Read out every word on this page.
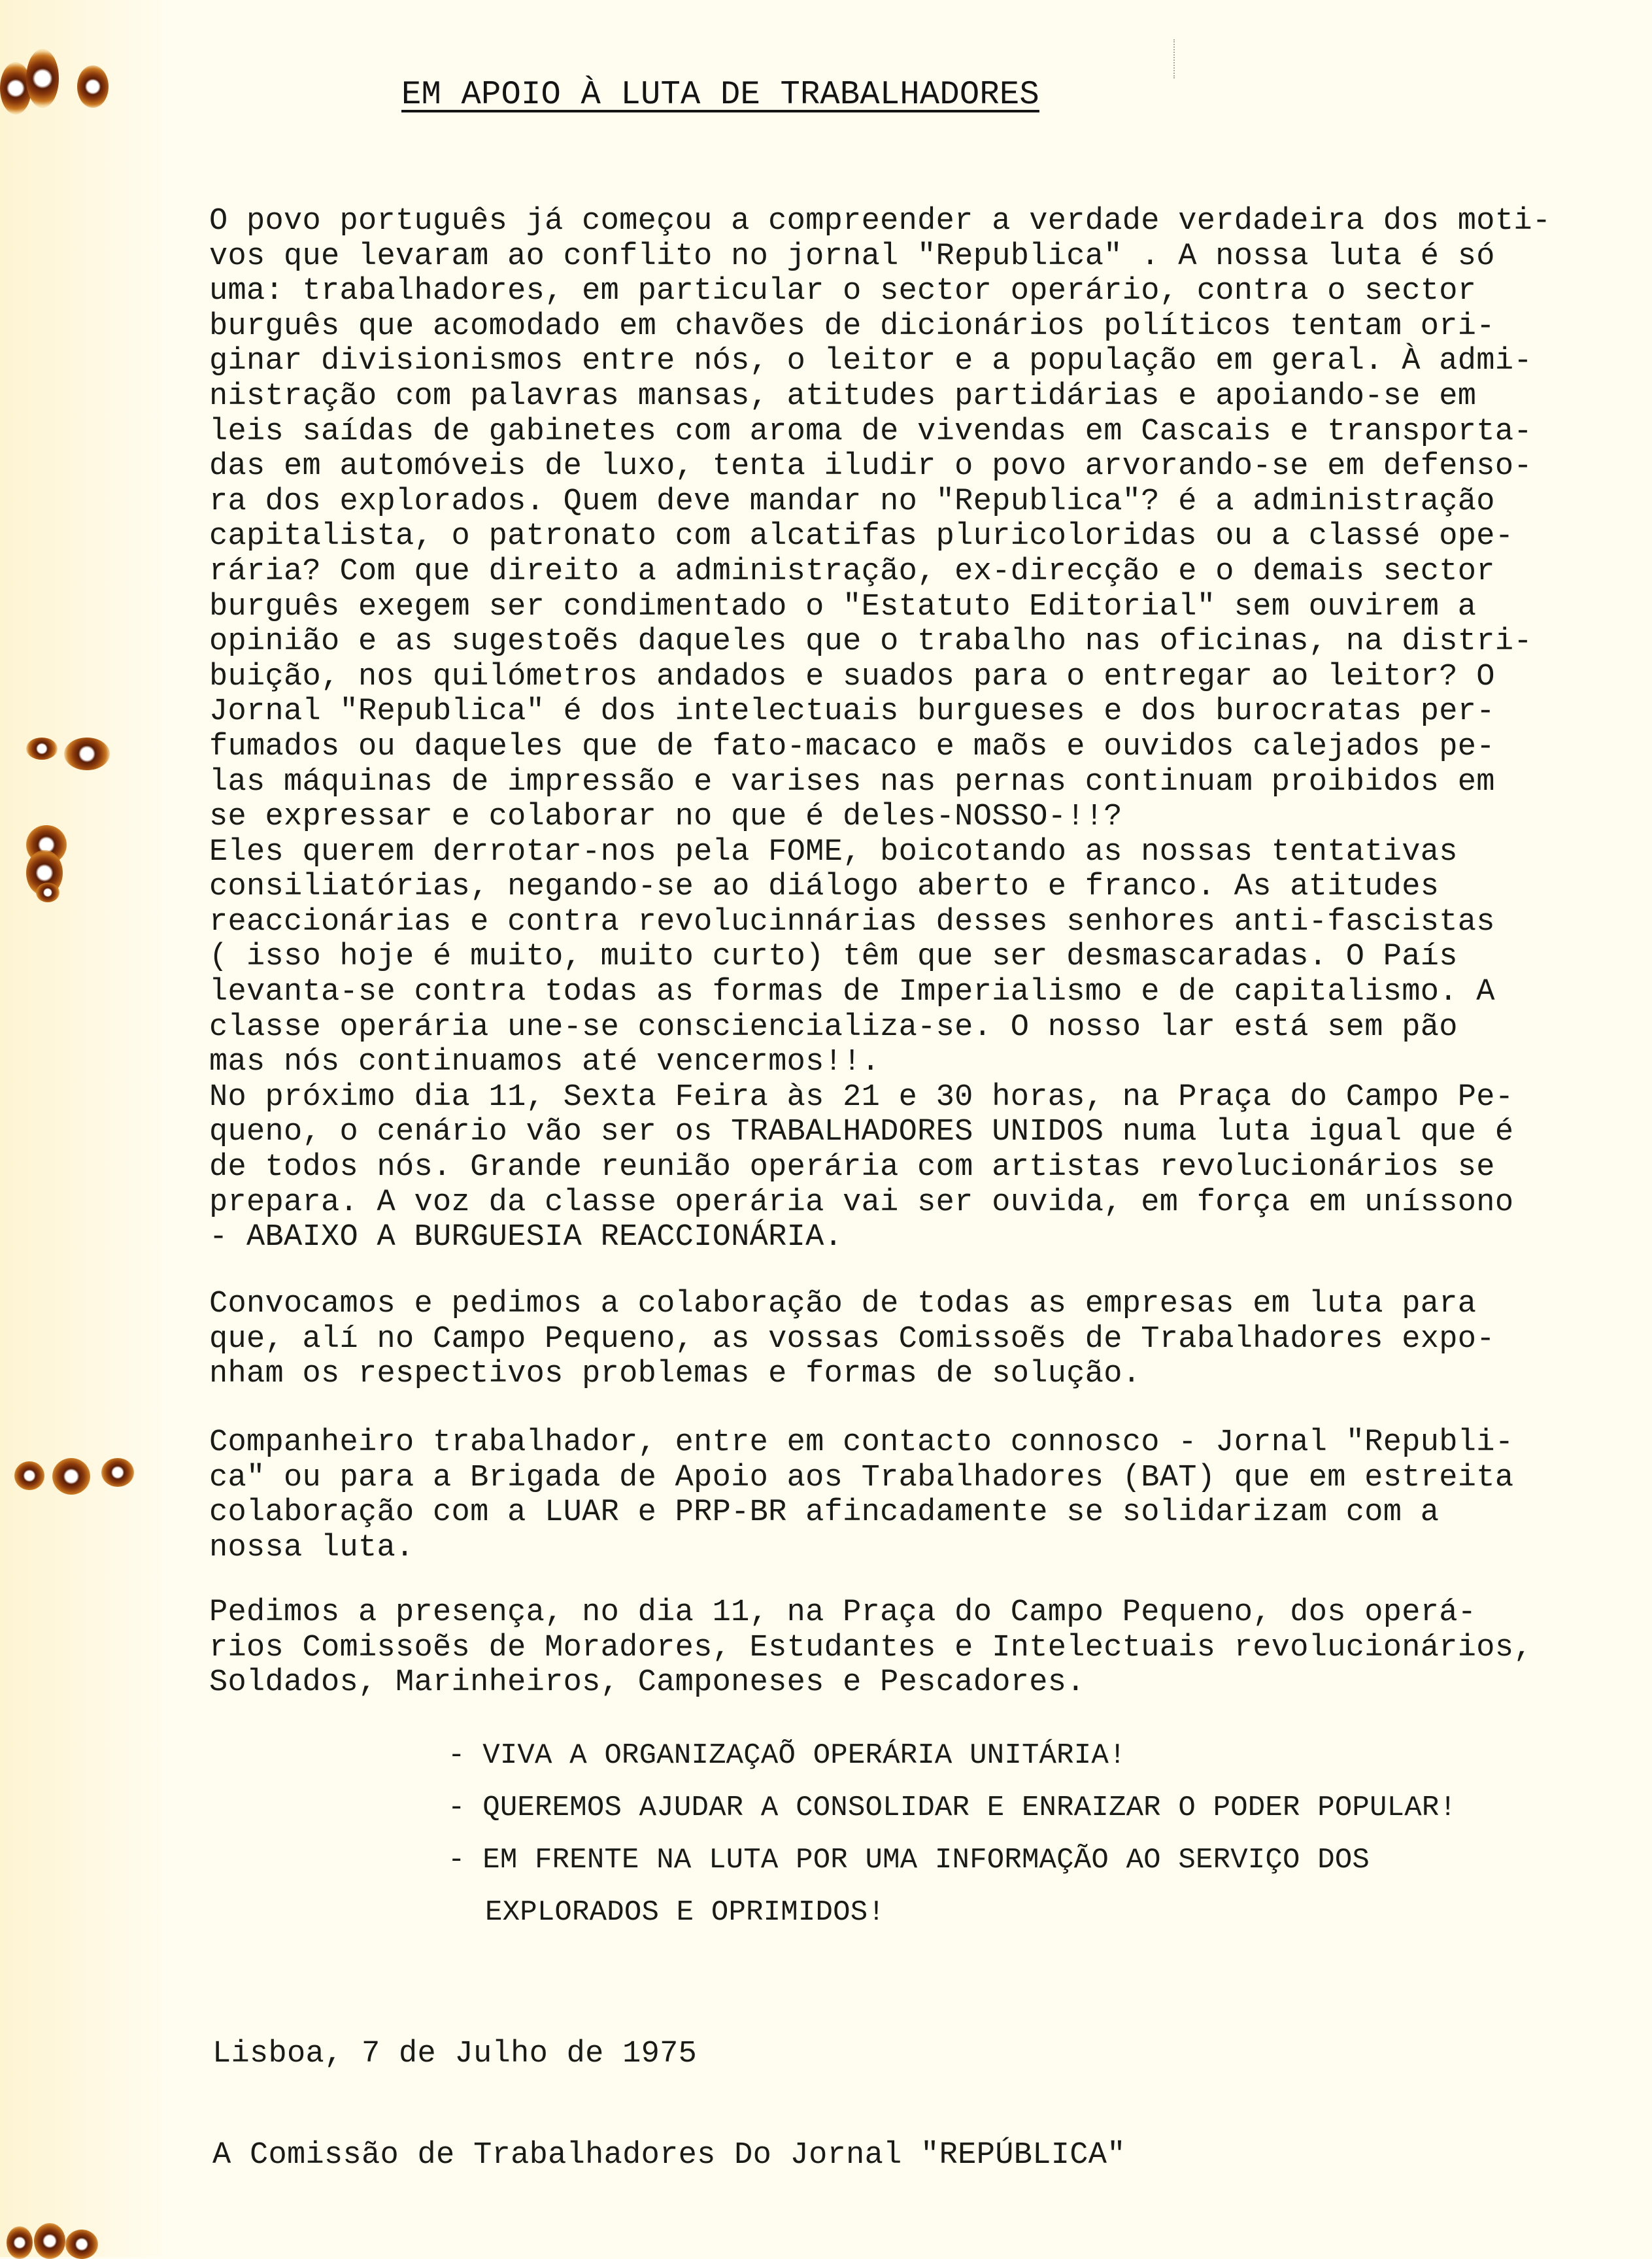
EM APOIO À LUTA DE TRABALHADORES
O povo português já começou a compreender a verdade verdadeira dos moti-
vos que levaram ao conflito no jornal "Republica" . A nossa luta é só
uma: trabalhadores, em particular o sector operário, contra o sector
burguês que acomodado em chavões de dicionários políticos tentam ori-
ginar divisionismos entre nós, o leitor e a população em geral. À admi-
nistração com palavras mansas, atitudes partidárias e apoiando-se em
leis saídas de gabinetes com aroma de vivendas em Cascais e transporta-
das em automóveis de luxo, tenta iludir o povo arvorando-se em defenso-
ra dos explorados. Quem deve mandar no "Republica"? é a administração
capitalista, o patronato com alcatifas pluricoloridas ou a classé ope-
rária? Com que direito a administração, ex-direcção e o demais sector
burguês exegem ser condimentado o "Estatuto Editorial" sem ouvirem a
opinião e as sugestoẽs daqueles que o trabalho nas oficinas, na distri-
buição, nos quilómetros andados e suados para o entregar ao leitor? O
Jornal "Republica" é dos intelectuais burgueses e dos burocratas per-
fumados ou daqueles que de fato-macaco e maõs e ouvidos calejados pe-
las máquinas de impressão e varises nas pernas continuam proibidos em
se expressar e colaborar no que é deles-NOSSO-!!?
Eles querem derrotar-nos pela FOME, boicotando as nossas tentativas
consiliatórias, negando-se ao diálogo aberto e franco. As atitudes
reaccionárias e contra revolucinnárias desses senhores anti-fascistas
( isso hoje é muito, muito curto) têm que ser desmascaradas. O País
levanta-se contra todas as formas de Imperialismo e de capitalismo. A
classe operária une-se consciencializa-se. O nosso lar está sem pão
mas nós continuamos até vencermos!!.
No próximo dia 11, Sexta Feira às 21 e 30 horas, na Praça do Campo Pe-
queno, o cenário vão ser os TRABALHADORES UNIDOS numa luta igual que é
de todos nós. Grande reunião operária com artistas revolucionários se
prepara. A voz da classe operária vai ser ouvida, em força em uníssono
- ABAIXO A BURGUESIA REACCIONÁRIA.
Convocamos e pedimos a colaboração de todas as empresas em luta para
que, alí no Campo Pequeno, as vossas Comissoẽs de Trabalhadores expo-
nham os respectivos problemas e formas de solução.
Companheiro trabalhador, entre em contacto connosco - Jornal "Republi-
ca" ou para a Brigada de Apoio aos Trabalhadores (BAT) que em estreita
colaboração com a LUAR e PRP-BR afincadamente se solidarizam com a
nossa luta.
Pedimos a presença, no dia 11, na Praça do Campo Pequeno, dos operá-
rios Comissoẽs de Moradores, Estudantes e Intelectuais revolucionários,
Soldados, Marinheiros, Camponeses e Pescadores.
- VIVA A ORGANIZAÇAÕ OPERÁRIA UNITÁRIA!
- QUEREMOS AJUDAR A CONSOLIDAR E ENRAIZAR O PODER POPULAR!
- EM FRENTE NA LUTA POR UMA INFORMAÇÃO AO SERVIÇO DOS
EXPLORADOS E OPRIMIDOS!
Lisboa, 7 de Julho de 1975
A Comissão de Trabalhadores Do Jornal "REPÚBLICA"
